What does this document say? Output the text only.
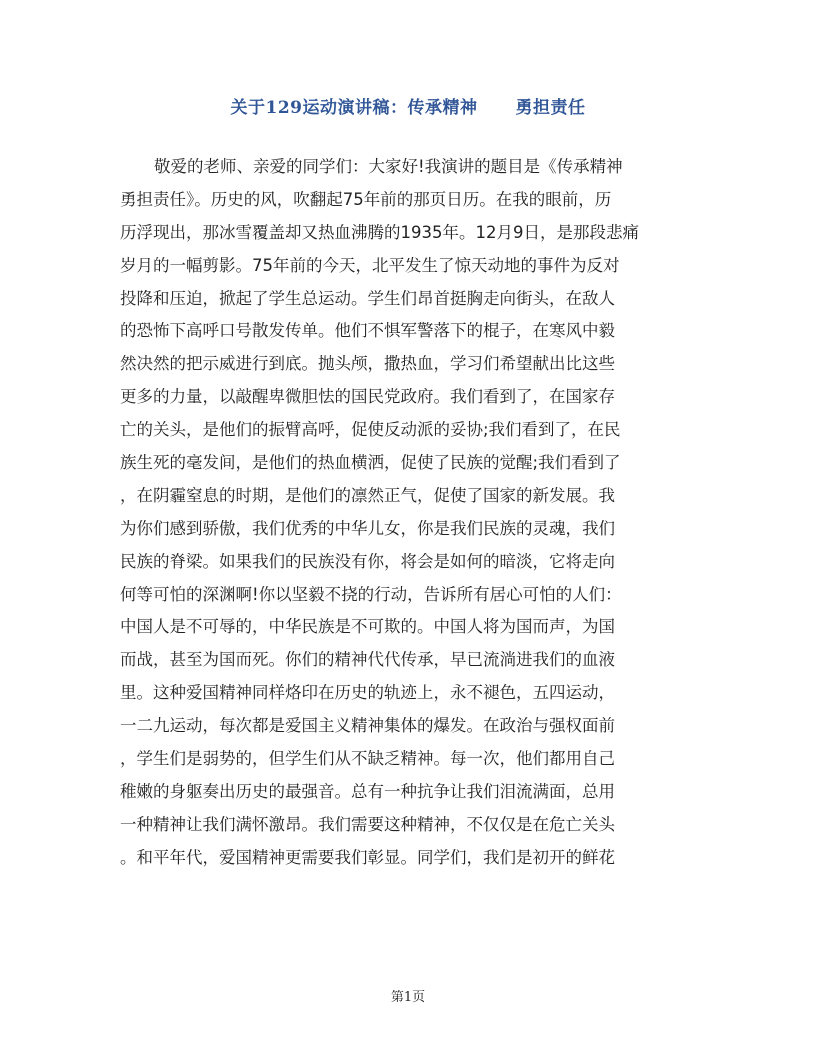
关于129运动演讲稿：传承精神 勇担责任
敬爱的老师、亲爱的同学们：大家好!我演讲的题目是《传承精神
勇担责任》。历史的风，吹翻起75年前的那页日历。在我的眼前，历
历浮现出，那冰雪覆盖却又热血沸腾的1935年。12月9日，是那段悲痛
岁月的一幅剪影。75年前的今天，北平发生了惊天动地的事件为反对
投降和压迫，掀起了学生总运动。学生们昂首挺胸走向街头，在敌人
的恐怖下高呼口号散发传单。他们不惧军警落下的棍子，在寒风中毅
然决然的把示威进行到底。抛头颅，撒热血，学习们希望献出比这些
更多的力量，以敲醒卑微胆怯的国民党政府。我们看到了，在国家存
亡的关头，是他们的振臂高呼，促使反动派的妥协;我们看到了，在民
族生死的毫发间，是他们的热血横洒，促使了民族的觉醒;我们看到了
，在阴霾窒息的时期，是他们的凛然正气，促使了国家的新发展。我
为你们感到骄傲，我们优秀的中华儿女，你是我们民族的灵魂，我们
民族的脊梁。如果我们的民族没有你，将会是如何的暗淡，它将走向
何等可怕的深渊啊!你以坚毅不挠的行动，告诉所有居心可怕的人们：
中国人是不可辱的，中华民族是不可欺的。中国人将为国而声，为国
而战，甚至为国而死。你们的精神代代传承，早已流淌进我们的血液
里。这种爱国精神同样烙印在历史的轨迹上，永不褪色，五四运动，
一二九运动，每次都是爱国主义精神集体的爆发。在政治与强权面前
，学生们是弱势的，但学生们从不缺乏精神。每一次，他们都用自己
稚嫩的身躯奏出历史的最强音。总有一种抗争让我们泪流满面，总用
一种精神让我们满怀激昂。我们需要这种精神，不仅仅是在危亡关头
。和平年代，爱国精神更需要我们彰显。同学们，我们是初开的鲜花
第1页
